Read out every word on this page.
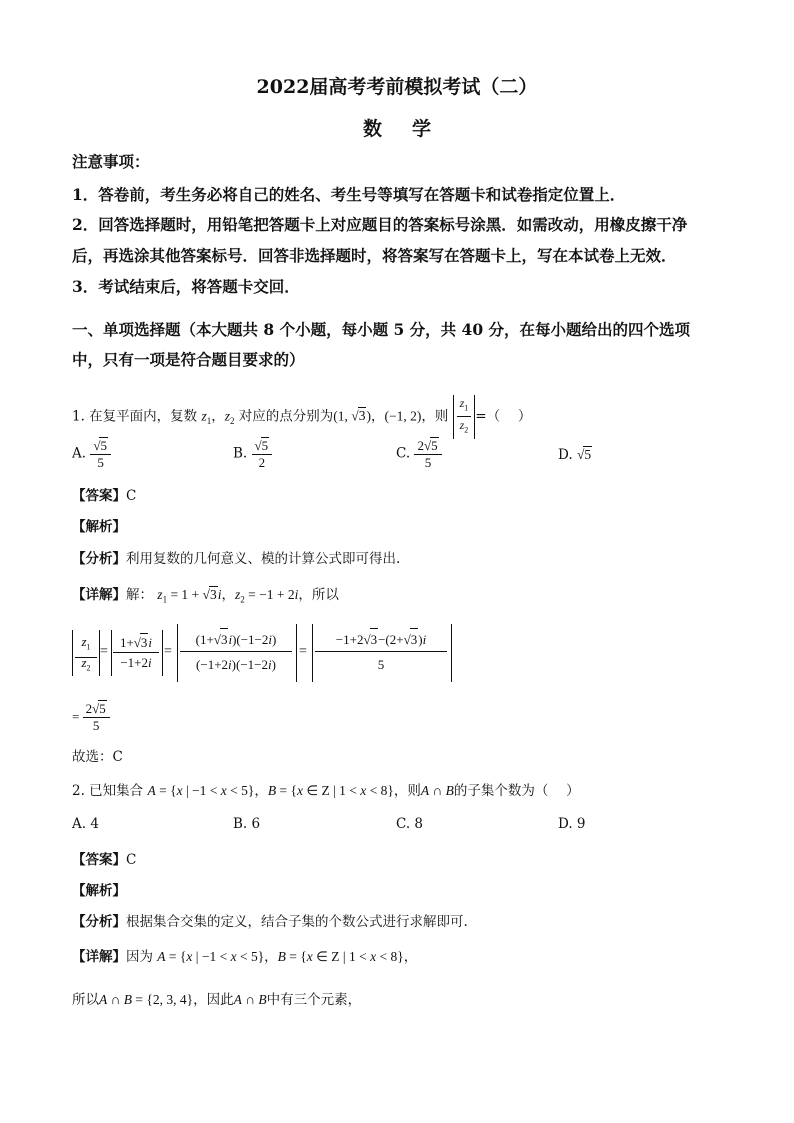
2022届高考考前模拟考试（二）
数学
注意事项：
1．答卷前，考生务必将自己的姓名、考生号等填写在答题卡和试卷指定位置上．
2．回答选择题时，用铅笔把答题卡上对应题目的答案标号涂黑．如需改动，用橡皮擦干净
后，再选涂其他答案标号．回答非选择题时，将答案写在答题卡上，写在本试卷上无效．
3．考试结束后，将答题卡交回．
一、单项选择题（本大题共 8 个小题，每小题 5 分，共 40 分，在每小题给出的四个选项
中，只有一项是符合题目要求的）
1. 在复平面内，复数 $z_1$，$z_2$ 对应的点分别为(1, √3)，(−1, 2)，则 $\frac{z_1}{z_2}$ =（　 ）
A. $\frac{√5}{5}$	B. $\frac{√5}{2}$	C. $\frac{2√5}{5}$	D. √5
【答案】C
【解析】
【分析】利用复数的几何意义、模的计算公式即可得出.
【详解】解： $z_1 = 1 + √3i$，$z_2 = -1 + 2i$，所以
$z_1$
$z_2$
=
1+√3i
−1+2i
=
(1+√3i)(−1−2i)
(−1+2i)(−1−2i)
=
−1+2√3−(2+√3)i
5
= $\frac{2√5}{5}$
故选：C
2. 已知集合 A = {x | −1 < x < 5}，B = {x ∈ Z | 1 < x < 8}，则A ∩ B的子集个数为（　 ）
A. 4	B. 6	C. 8	D. 9
【答案】C
【解析】
【分析】根据集合交集的定义，结合子集的个数公式进行求解即可.
【详解】因为 A = {x | −1 < x < 5}，B = {x ∈ Z | 1 < x < 8}，
所以A ∩ B = {2, 3, 4}，因此A ∩ B中有三个元素，
